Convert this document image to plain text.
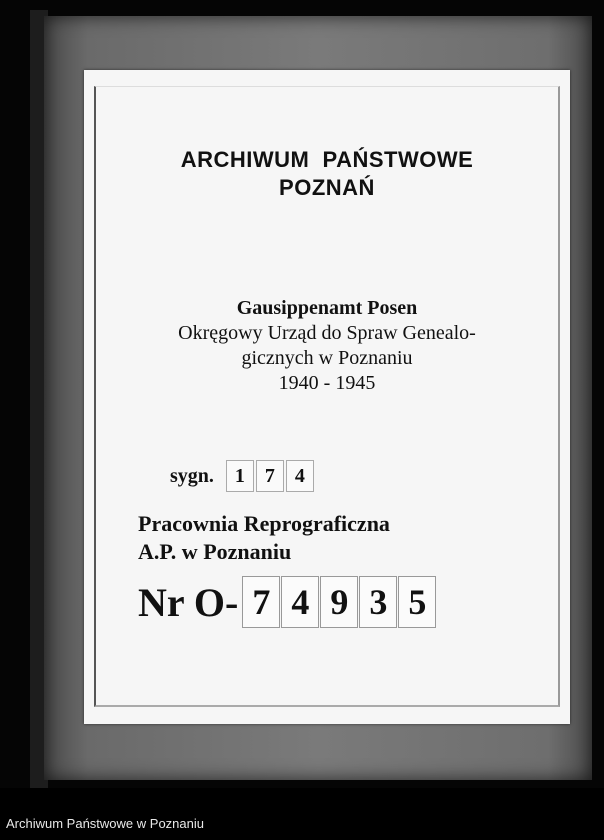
ARCHIWUM  PAŃSTWOWE
POZNAŃ
Gausippenamt Posen
Okręgowy Urząd do Spraw Genealo-
gicznych w Poznaniu
1940 - 1945
sygn.	1	7	4
Pracownia Reprograficzna
A.P. w Poznaniu
Nr O- 7 4 9 3 5
Archiwum Państwowe w Poznaniu
